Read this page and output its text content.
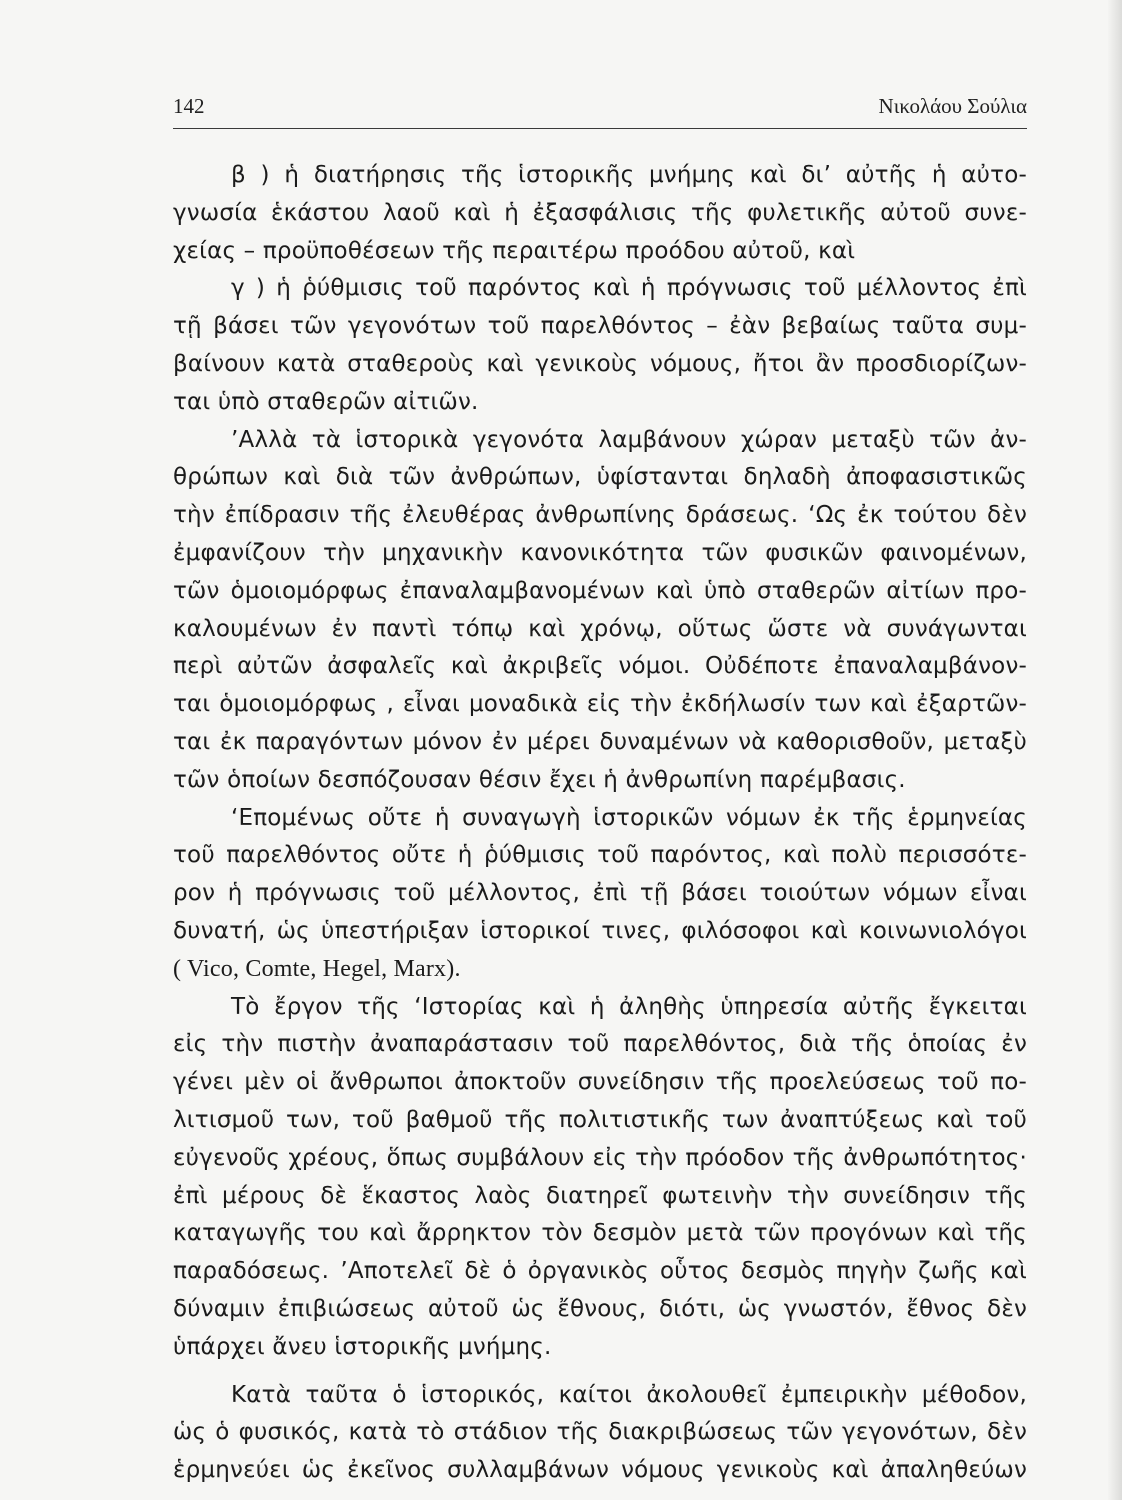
142	Νικολάου Σούλια

β ) ἡ διατήρησις τῆς ἱστορικῆς μνήμης καὶ δι’ αὐτῆς ἡ αὐτο-
γνωσία ἑκάστου λαοῦ καὶ ἡ ἐξασφάλισις τῆς φυλετικῆς αὐτοῦ συνε-
χείας – προϋποθέσεων τῆς περαιτέρω προόδου αὐτοῦ, καὶ

γ ) ἡ ῥύθμισις τοῦ παρόντος καὶ ἡ πρόγνωσις τοῦ μέλλοντος ἐπὶ
τῇ βάσει τῶν γεγονότων τοῦ παρελθόντος – ἐὰν βεβαίως ταῦτα συμ-
βαίνουν κατὰ σταθεροὺς καὶ γενικοὺς νόμους, ἤτοι ἂν προσδιορίζων-
ται ὑπὸ σταθερῶν αἰτιῶν.

’Αλλὰ τὰ ἱστορικὰ γεγονότα λαμβάνουν χώραν μεταξὺ τῶν ἀν-
θρώπων καὶ διὰ τῶν ἀνθρώπων, ὑφίστανται δηλαδὴ ἀποφασιστικῶς
τὴν ἐπίδρασιν τῆς ἐλευθέρας ἀνθρωπίνης δράσεως. ‘Ως ἐκ τούτου δὲν
ἐμφανίζουν τὴν μηχανικὴν κανονικότητα τῶν φυσικῶν φαινομένων,
τῶν ὁμοιομόρφως ἐπαναλαμβανομένων καὶ ὑπὸ σταθερῶν αἰτίων προ-
καλουμένων ἐν παντὶ τόπῳ καὶ χρόνῳ, οὕτως ὥστε νὰ συνάγωνται
περὶ αὐτῶν ἀσφαλεῖς καὶ ἀκριβεῖς νόμοι. Οὐδέποτε ἐπαναλαμβάνον-
ται ὁμοιομόρφως , εἶναι μοναδικὰ εἰς τὴν ἐκδήλωσίν των καὶ ἐξαρτῶν-
ται ἐκ παραγόντων μόνον ἐν μέρει δυναμένων νὰ καθορισθοῦν, μεταξὺ
τῶν ὁποίων δεσπόζουσαν θέσιν ἔχει ἡ ἀνθρωπίνη παρέμβασις.

‘Επομένως οὔτε ἡ συναγωγὴ ἱστορικῶν νόμων ἐκ τῆς ἑρμηνείας
τοῦ παρελθόντος οὔτε ἡ ῥύθμισις τοῦ παρόντος, καὶ πολὺ περισσότε-
ρον ἡ πρόγνωσις τοῦ μέλλοντος, ἐπὶ τῇ βάσει τοιούτων νόμων εἶναι
δυνατή, ὡς ὑπεστήριξαν ἱστορικοί τινες, φιλόσοφοι καὶ κοινωνιολόγοι
( Vico, Comte, Hegel, Marx).

Τὸ ἔργον τῆς ‘Ιστορίας καὶ ἡ ἀληθὴς ὑπηρεσία αὐτῆς ἔγκειται
εἰς τὴν πιστὴν ἀναπαράστασιν τοῦ παρελθόντος, διὰ τῆς ὁποίας ἐν
γένει μὲν οἱ ἄνθρωποι ἀποκτοῦν συνείδησιν τῆς προελεύσεως τοῦ πο-
λιτισμοῦ των, τοῦ βαθμοῦ τῆς πολιτιστικῆς των ἀναπτύξεως καὶ τοῦ
εὐγενοῦς χρέους, ὅπως συμβάλουν εἰς τὴν πρόοδον τῆς ἀνθρωπότητος·
ἐπὶ μέρους δὲ ἕκαστος λαὸς διατηρεῖ φωτεινὴν τὴν συνείδησιν τῆς
καταγωγῆς του καὶ ἄρρηκτον τὸν δεσμὸν μετὰ τῶν προγόνων καὶ τῆς
παραδόσεως. ’Αποτελεῖ δὲ ὁ ὀργανικὸς οὗτος δεσμὸς πηγὴν ζωῆς καὶ
δύναμιν ἐπιβιώσεως αὐτοῦ ὡς ἔθνους, διότι, ὡς γνωστόν, ἔθνος δὲν
ὑπάρχει ἄνευ ἱστορικῆς μνήμης.

Κατὰ ταῦτα ὁ ἱστορικός, καίτοι ἀκολουθεῖ ἐμπειρικὴν μέθοδον,
ὡς ὁ φυσικός, κατὰ τὸ στάδιον τῆς διακριβώσεως τῶν γεγονότων, δὲν
ἑρμηνεύει ὡς ἐκεῖνος συλλαμβάνων νόμους γενικοὺς καὶ ἀπαληθεύων
